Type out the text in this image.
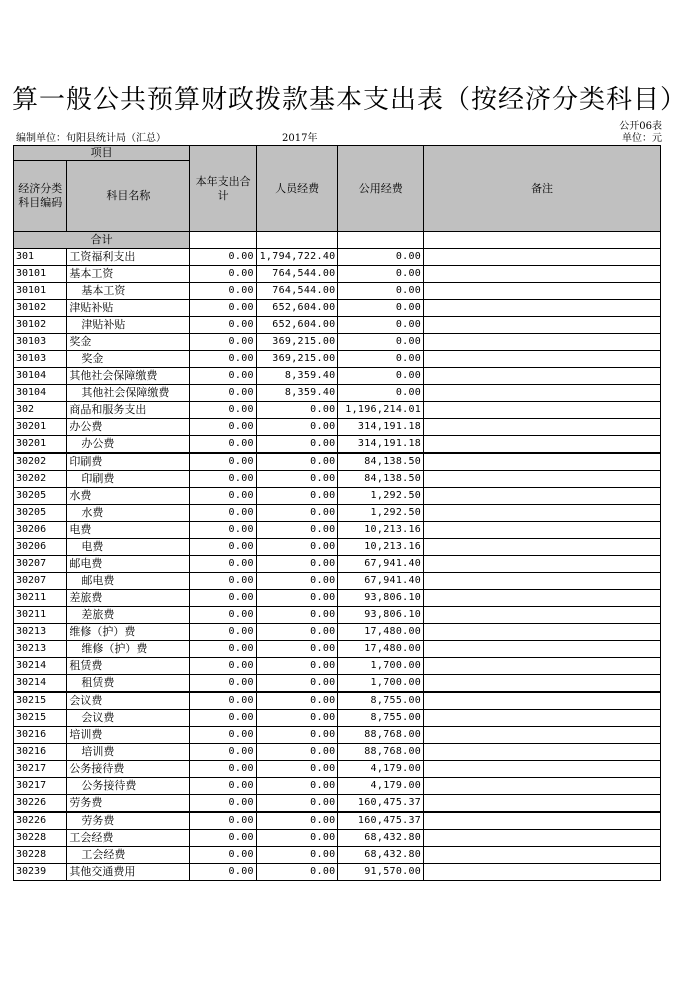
算一般公共预算财政拨款基本支出表（按经济分类科目）
公开06表
编制单位：旬阳县统计局（汇总）	2017年	单位：元
项目		本年支出合计	人员经费	公用经费	备注
经济分类科目编码	科目名称				
合计					
301	工资福利支出	0.00	1,794,722.40	0.00	
30101	基本工资	0.00	764,544.00	0.00	
30101	基本工资	0.00	764,544.00	0.00	
30102	津贴补贴	0.00	652,604.00	0.00	
30102	津贴补贴	0.00	652,604.00	0.00	
30103	奖金	0.00	369,215.00	0.00	
30103	奖金	0.00	369,215.00	0.00	
30104	其他社会保障缴费	0.00	8,359.40	0.00	
30104	其他社会保障缴费	0.00	8,359.40	0.00	
302	商品和服务支出	0.00	0.00	1,196,214.01	
30201	办公费	0.00	0.00	314,191.18	
30201	办公费	0.00	0.00	314,191.18	
30202	印刷费	0.00	0.00	84,138.50	
30202	印刷费	0.00	0.00	84,138.50	
30205	水费	0.00	0.00	1,292.50	
30205	水费	0.00	0.00	1,292.50	
30206	电费	0.00	0.00	10,213.16	
30206	电费	0.00	0.00	10,213.16	
30207	邮电费	0.00	0.00	67,941.40	
30207	邮电费	0.00	0.00	67,941.40	
30211	差旅费	0.00	0.00	93,806.10	
30211	差旅费	0.00	0.00	93,806.10	
30213	维修（护）费	0.00	0.00	17,480.00	
30213	维修（护）费	0.00	0.00	17,480.00	
30214	租赁费	0.00	0.00	1,700.00	
30214	租赁费	0.00	0.00	1,700.00	
30215	会议费	0.00	0.00	8,755.00	
30215	会议费	0.00	0.00	8,755.00	
30216	培训费	0.00	0.00	88,768.00	
30216	培训费	0.00	0.00	88,768.00	
30217	公务接待费	0.00	0.00	4,179.00	
30217	公务接待费	0.00	0.00	4,179.00	
30226	劳务费	0.00	0.00	160,475.37	
30226	劳务费	0.00	0.00	160,475.37	
30228	工会经费	0.00	0.00	68,432.80	
30228	工会经费	0.00	0.00	68,432.80	
30239	其他交通费用	0.00	0.00	91,570.00	
